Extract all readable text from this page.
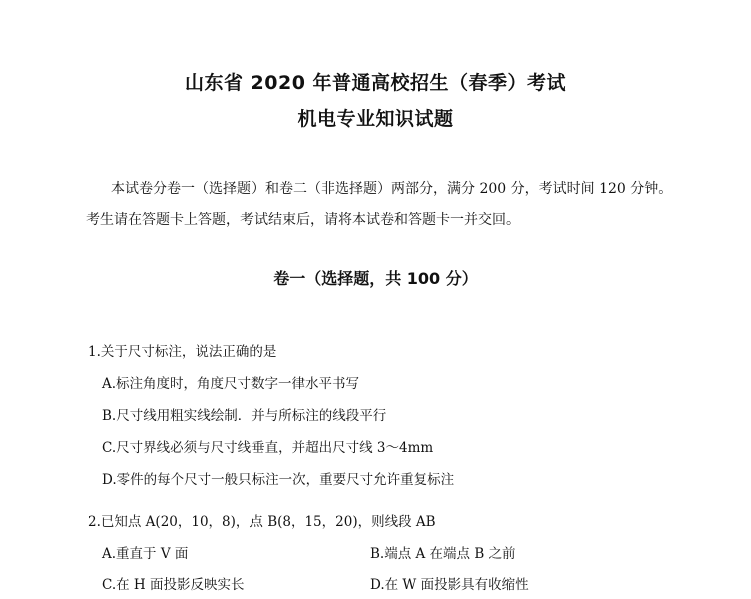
山东省 2020 年普通高校招生（春季）考试
机电专业知识试题
本试卷分卷一（选择题）和卷二（非选择题）两部分，满分 200 分，考试时间 120 分钟。
考生请在答题卡上答题，考试结束后，请将本试卷和答题卡一并交回。
卷一（选择题，共 100 分）
1.关于尺寸标注，说法正确的是
A.标注角度时，角度尺寸数字一律水平书写
B.尺寸线用粗实线绘制．并与所标注的线段平行
C.尺寸界线必须与尺寸线垂直，并超出尺寸线 3～4mm
D.零件的每个尺寸一般只标注一次，重要尺寸允许重复标注
2.已知点 A(20，10，8)，点 B(8，15，20)，则线段 AB
A.重直于 V 面	B.端点 A 在端点 B 之前
C.在 H 面投影反映实长	D.在 W 面投影具有收缩性
